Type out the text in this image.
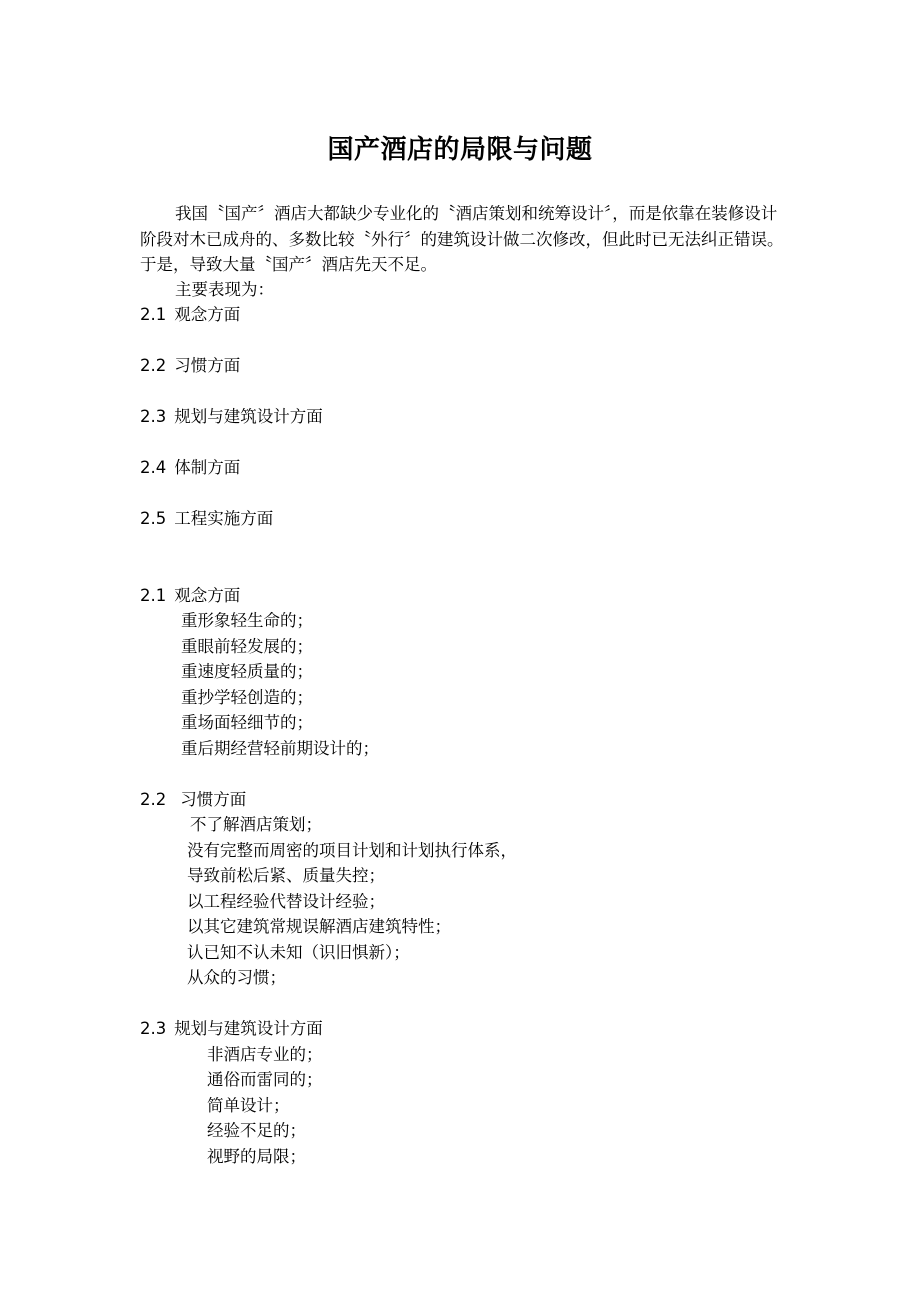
国产酒店的局限与问题

我国〝国产〞酒店大都缺少专业化的〝酒店策划和统筹设计〞，而是依靠在装修设计阶段对木已成舟的、多数比较〝外行〞的建筑设计做二次修改，但此时已无法纠正错误。于是，导致大量〝国产〞酒店先天不足。

主要表现为：
2.1 观念方面
2.2 习惯方面
2.3 规划与建筑设计方面
2.4 体制方面
2.5 工程实施方面
2.1 观念方面
重形象轻生命的；
重眼前轻发展的；
重速度轻质量的；
重抄学轻创造的；
重场面轻细节的；
重后期经营轻前期设计的；
2.2 习惯方面
不了解酒店策划；
没有完整而周密的项目计划和计划执行体系，
导致前松后紧、质量失控；
以工程经验代替设计经验；
以其它建筑常规误解酒店建筑特性；
认已知不认未知（识旧惧新）；
从众的习惯；
2.3 规划与建筑设计方面
非酒店专业的；
通俗而雷同的；
简单设计；
经验不足的；
视野的局限；
